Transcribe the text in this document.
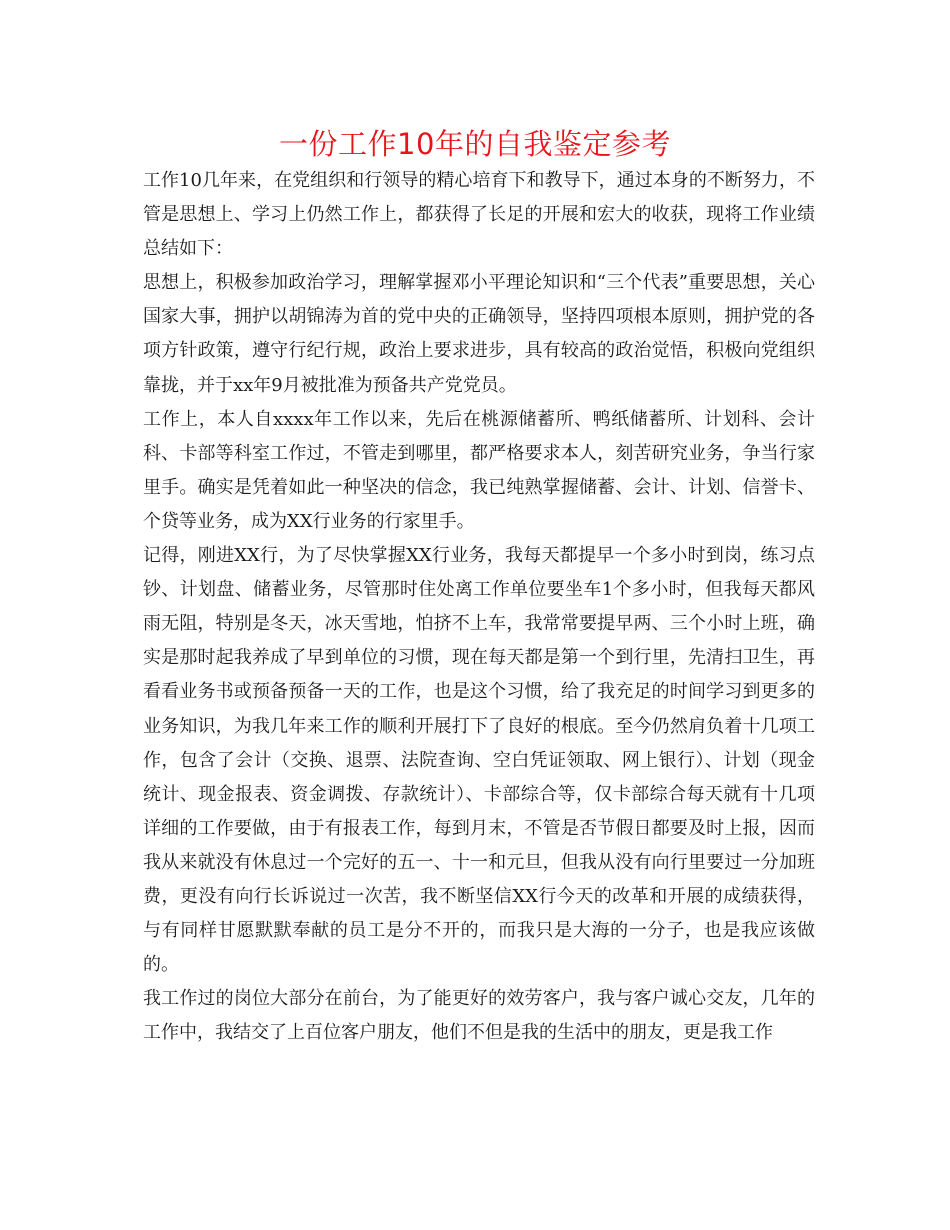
一份工作10年的自我鉴定参考

工作10几年来，在党组织和行领导的精心培育下和教导下，通过本身的不断努力，不管是思想上、学习上仍然工作上，都获得了长足的开展和宏大的收获，现将工作业绩总结如下：

思想上，积极参加政治学习，理解掌握邓小平理论知识和“三个代表”重要思想，关心国家大事，拥护以胡锦涛为首的党中央的正确领导，坚持四项根本原则，拥护党的各项方针政策，遵守行纪行规，政治上要求进步，具有较高的政治觉悟，积极向党组织靠拢，并于xx年9月被批准为预备共产党党员。

工作上，本人自xxxx年工作以来，先后在桃源储蓄所、鸭纸储蓄所、计划科、会计科、卡部等科室工作过，不管走到哪里，都严格要求本人，刻苦研究业务，争当行家里手。确实是凭着如此一种坚决的信念，我已纯熟掌握储蓄、会计、计划、信誉卡、个贷等业务，成为XX行业务的行家里手。

记得，刚进XX行，为了尽快掌握XX行业务，我每天都提早一个多小时到岗，练习点钞、计划盘、储蓄业务，尽管那时住处离工作单位要坐车1个多小时，但我每天都风雨无阻，特别是冬天，冰天雪地，怕挤不上车，我常常要提早两、三个小时上班，确实是那时起我养成了早到单位的习惯，现在每天都是第一个到行里，先清扫卫生，再看看业务书或预备预备一天的工作，也是这个习惯，给了我充足的时间学习到更多的业务知识，为我几年来工作的顺利开展打下了良好的根底。至今仍然肩负着十几项工作，包含了会计（交换、退票、法院查询、空白凭证领取、网上银行）、计划（现金统计、现金报表、资金调拨、存款统计）、卡部综合等，仅卡部综合每天就有十几项详细的工作要做，由于有报表工作，每到月末，不管是否节假日都要及时上报，因而我从来就没有休息过一个完好的五一、十一和元旦，但我从没有向行里要过一分加班费，更没有向行长诉说过一次苦，我不断坚信XX行今天的改革和开展的成绩获得，与有同样甘愿默默奉献的员工是分不开的，而我只是大海的一分子，也是我应该做的。

我工作过的岗位大部分在前台，为了能更好的效劳客户，我与客户诚心交友，几年的工作中，我结交了上百位客户朋友，他们不但是我的生活中的朋友，更是我工作
